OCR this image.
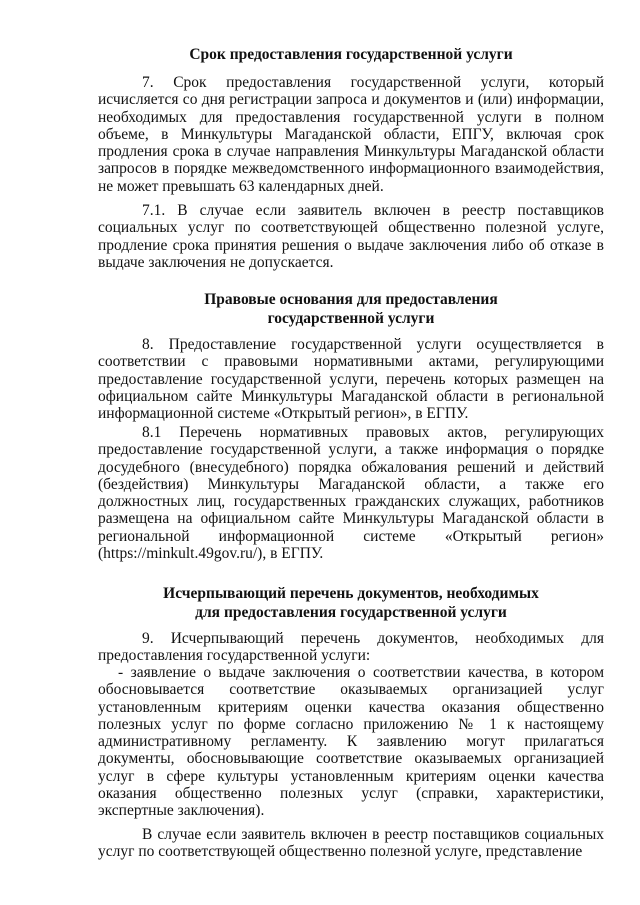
Срок предоставления государственной услуги

7. Срок предоставления государственной услуги, который исчисляется со дня регистрации запроса и документов и (или) информации, необходимых для предоставления государственной услуги в полном объеме, в Минкультуры Магаданской области, ЕПГУ, включая срок продления срока в случае направления Минкультуры Магаданской области запросов в порядке межведомственного информационного взаимодействия, не может превышать 63 календарных дней.

7.1. В случае если заявитель включен в реестр поставщиков социальных услуг по соответствующей общественно полезной услуге, продление срока принятия решения о выдаче заключения либо об отказе в выдаче заключения не допускается.

Правовые основания для предоставления
государственной услуги

8. Предоставление государственной услуги осуществляется в соответствии с правовыми нормативными актами, регулирующими предоставление государственной услуги, перечень которых размещен на официальном сайте Минкультуры Магаданской области в региональной информационной системе «Открытый регион», в ЕГПУ.

8.1 Перечень нормативных правовых актов, регулирующих предоставление государственной услуги, а также информация о порядке досудебного (внесудебного) порядка обжалования решений и действий (бездействия) Минкультуры Магаданской области, а также его должностных лиц, государственных гражданских служащих, работников размещена на официальном сайте Минкультуры Магаданской области в региональной информационной системе «Открытый регион» (https://minkult.49gov.ru/), в ЕГПУ.

Исчерпывающий перечень документов, необходимых
для предоставления государственной услуги

9. Исчерпывающий перечень документов, необходимых для предоставления государственной услуги:

- заявление о выдаче заключения о соответствии качества, в котором обосновывается соответствие оказываемых организацией услуг установленным критериям оценки качества оказания общественно полезных услуг по форме согласно приложению № 1 к настоящему административному регламенту. К заявлению могут прилагаться документы, обосновывающие соответствие оказываемых организацией услуг в сфере культуры установленным критериям оценки качества оказания общественно полезных услуг (справки, характеристики, экспертные заключения).

В случае если заявитель включен в реестр поставщиков социальных услуг по соответствующей общественно полезной услуге, представление
